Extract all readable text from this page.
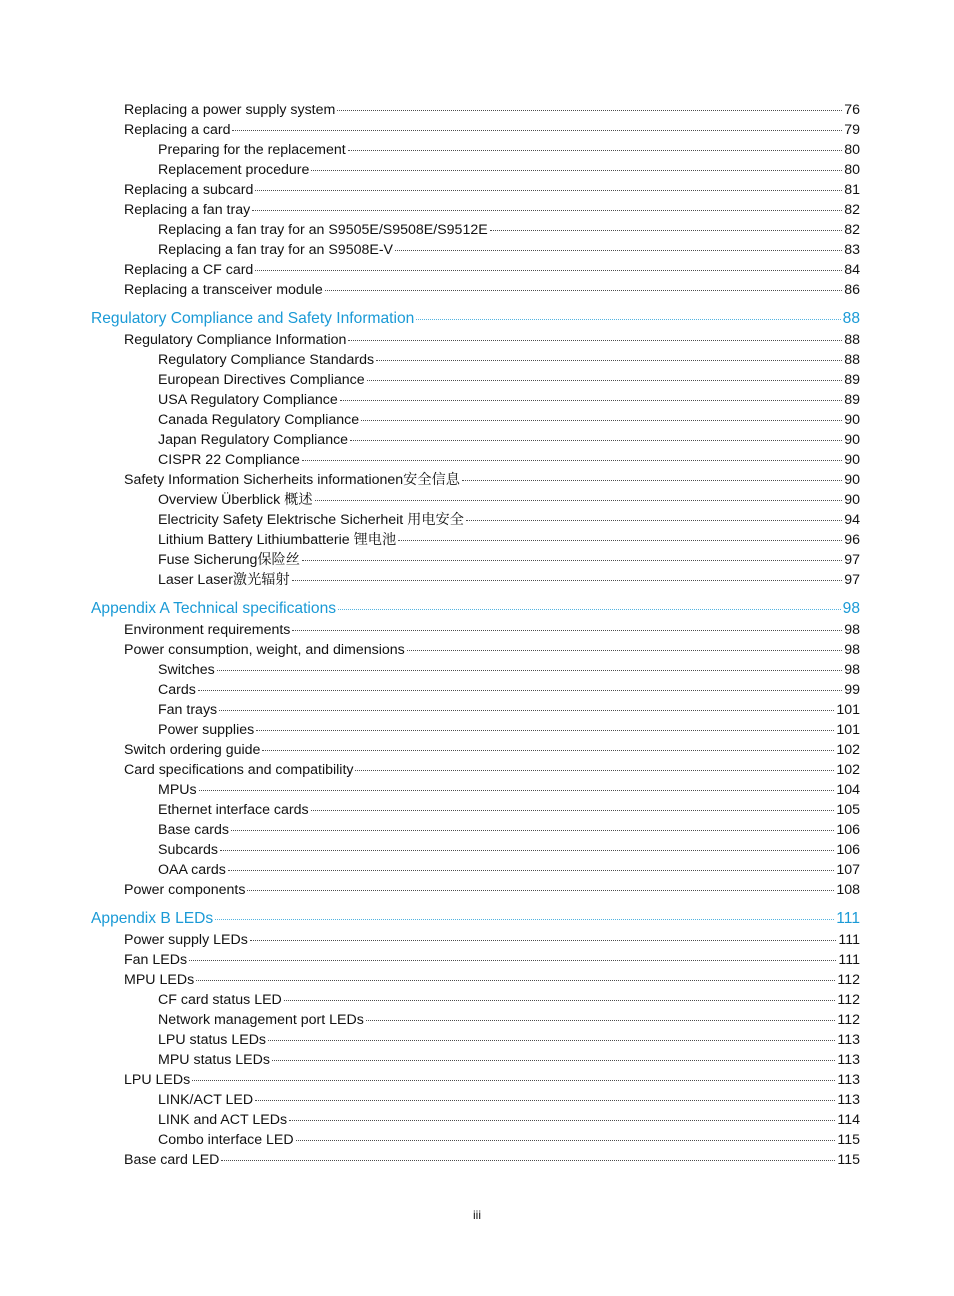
Replacing a power supply system	76
Replacing a card	79
Preparing for the replacement	80
Replacement procedure	80
Replacing a subcard	81
Replacing a fan tray	82
Replacing a fan tray for an S9505E/S9508E/S9512E	82
Replacing a fan tray for an S9508E-V	83
Replacing a CF card	84
Replacing a transceiver module	86
Regulatory Compliance and Safety Information	88
Regulatory Compliance Information	88
Regulatory Compliance Standards	88
European Directives Compliance	89
USA Regulatory Compliance	89
Canada Regulatory Compliance	90
Japan Regulatory Compliance	90
CISPR 22 Compliance	90
Safety Information Sicherheits informationen安全信息	90
Overview Überblick 概述	90
Electricity Safety Elektrische Sicherheit 用电安全	94
Lithium Battery Lithiumbatterie 锂电池	96
Fuse Sicherung保险丝	97
Laser Laser激光辐射	97
Appendix A Technical specifications	98
Environment requirements	98
Power consumption, weight, and dimensions	98
Switches	98
Cards	99
Fan trays	101
Power supplies	101
Switch ordering guide	102
Card specifications and compatibility	102
MPUs	104
Ethernet interface cards	105
Base cards	106
Subcards	106
OAA cards	107
Power components	108
Appendix B LEDs	111
Power supply LEDs	111
Fan LEDs	111
MPU LEDs	112
CF card status LED	112
Network management port LEDs	112
LPU status LEDs	113
MPU status LEDs	113
LPU LEDs	113
LINK/ACT LED	113
LINK and ACT LEDs	114
Combo interface LED	115
Base card LED	115
iii
